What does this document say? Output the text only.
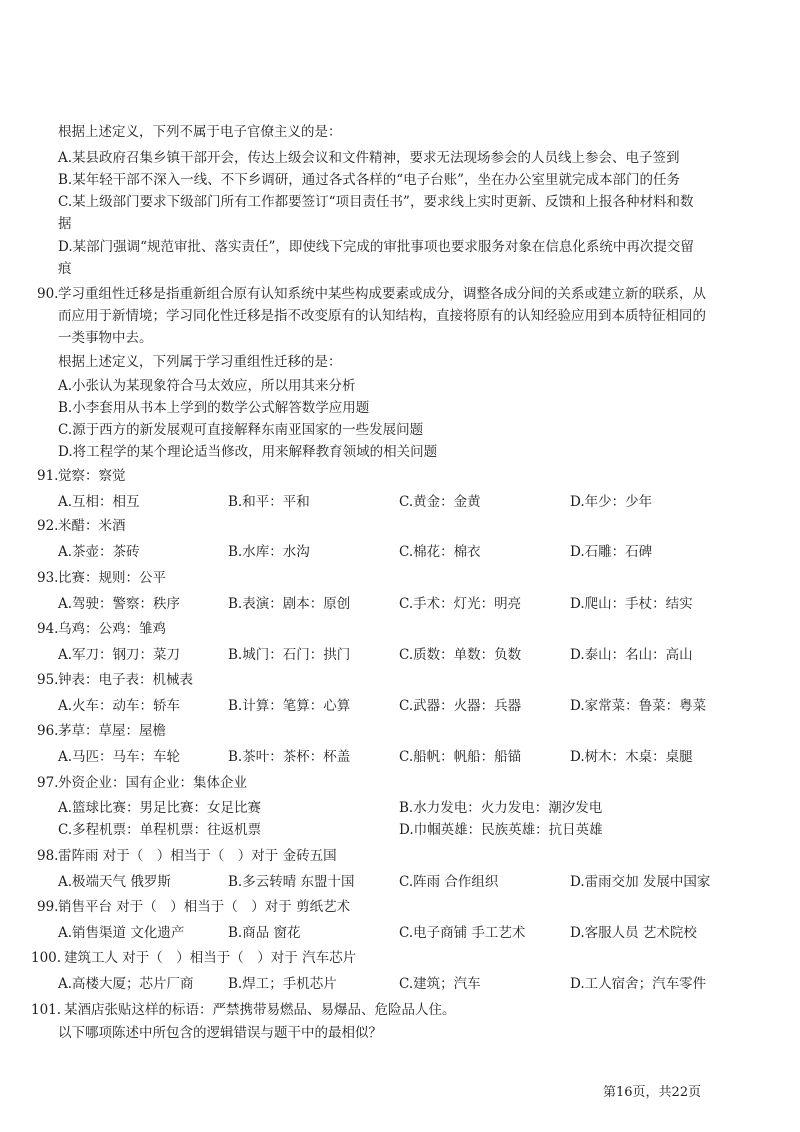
根据上述定义，下列不属于电子官僚主义的是：
A.某县政府召集乡镇干部开会，传达上级会议和文件精神，要求无法现场参会的人员线上参会、电子签到
B.某年轻干部不深入一线、不下乡调研，通过各式各样的“电子台账”，坐在办公室里就完成本部门的任务
C.某上级部门要求下级部门所有工作都要签订“项目责任书”，要求线上实时更新、反馈和上报各种材料和数
据
D.某部门强调“规范审批、落实责任”，即使线下完成的审批事项也要求服务对象在信息化系统中再次提交留
痕
90. 学习重组性迁移是指重新组合原有认知系统中某些构成要素或成分，调整各成分间的关系或建立新的联系，从
而应用于新情境；学习同化性迁移是指不改变原有的认知结构，直接将原有的认知经验应用到本质特征相同的
一类事物中去。
根据上述定义，下列属于学习重组性迁移的是：
A.小张认为某现象符合马太效应，所以用其来分析
B.小李套用从书本上学到的数学公式解答数学应用题
C.源于西方的新发展观可直接解释东南亚国家的一些发展问题
D.将工程学的某个理论适当修改，用来解释教育领域的相关问题
91. 觉察：察觉
A.互相：相互	B.和平：平和	C.黄金：金黄	D.年少：少年
92. 米醋：米酒
A.茶壶：茶砖	B.水库：水沟	C.棉花：棉衣	D.石雕：石碑
93. 比赛：规则：公平
A.驾驶：警察：秩序	B.表演：剧本：原创	C.手术：灯光：明亮	D.爬山：手杖：结实
94. 乌鸡：公鸡：雏鸡
A.军刀：钢刀：菜刀	B.城门：石门：拱门	C.质数：单数：负数	D.泰山：名山：高山
95. 钟表：电子表：机械表
A.火车：动车：轿车	B.计算：笔算：心算	C.武器：火器：兵器	D.家常菜：鲁菜：粤菜
96. 茅草：草屋：屋檐
A.马匹：马车：车轮	B.茶叶：茶杯：杯盖	C.船帆：帆船：船锚	D.树木：木桌：桌腿
97. 外资企业：国有企业：集体企业
A.篮球比赛：男足比赛：女足比赛	B.水力发电：火力发电：潮汐发电
C.多程机票：单程机票：往返机票	D.巾帼英雄：民族英雄：抗日英雄
98. 雷阵雨 对于（　）相当于（　）对于 金砖五国
A.极端天气 俄罗斯	B.多云转晴 东盟十国	C.阵雨 合作组织	D.雷雨交加 发展中国家
99. 销售平台 对于（　）相当于（　）对于 剪纸艺术
A.销售渠道 文化遗产	B.商品 窗花	C.电子商铺 手工艺术	D.客服人员 艺术院校
100. 建筑工人 对于（　）相当于（　）对于 汽车芯片
A.高楼大厦；芯片厂商	B.焊工；手机芯片	C.建筑；汽车	D.工人宿舍；汽车零件
101. 某酒店张贴这样的标语：严禁携带易燃品、易爆品、危险品人住。
以下哪项陈述中所包含的逻辑错误与题干中的最相似？
第16页，共22页
